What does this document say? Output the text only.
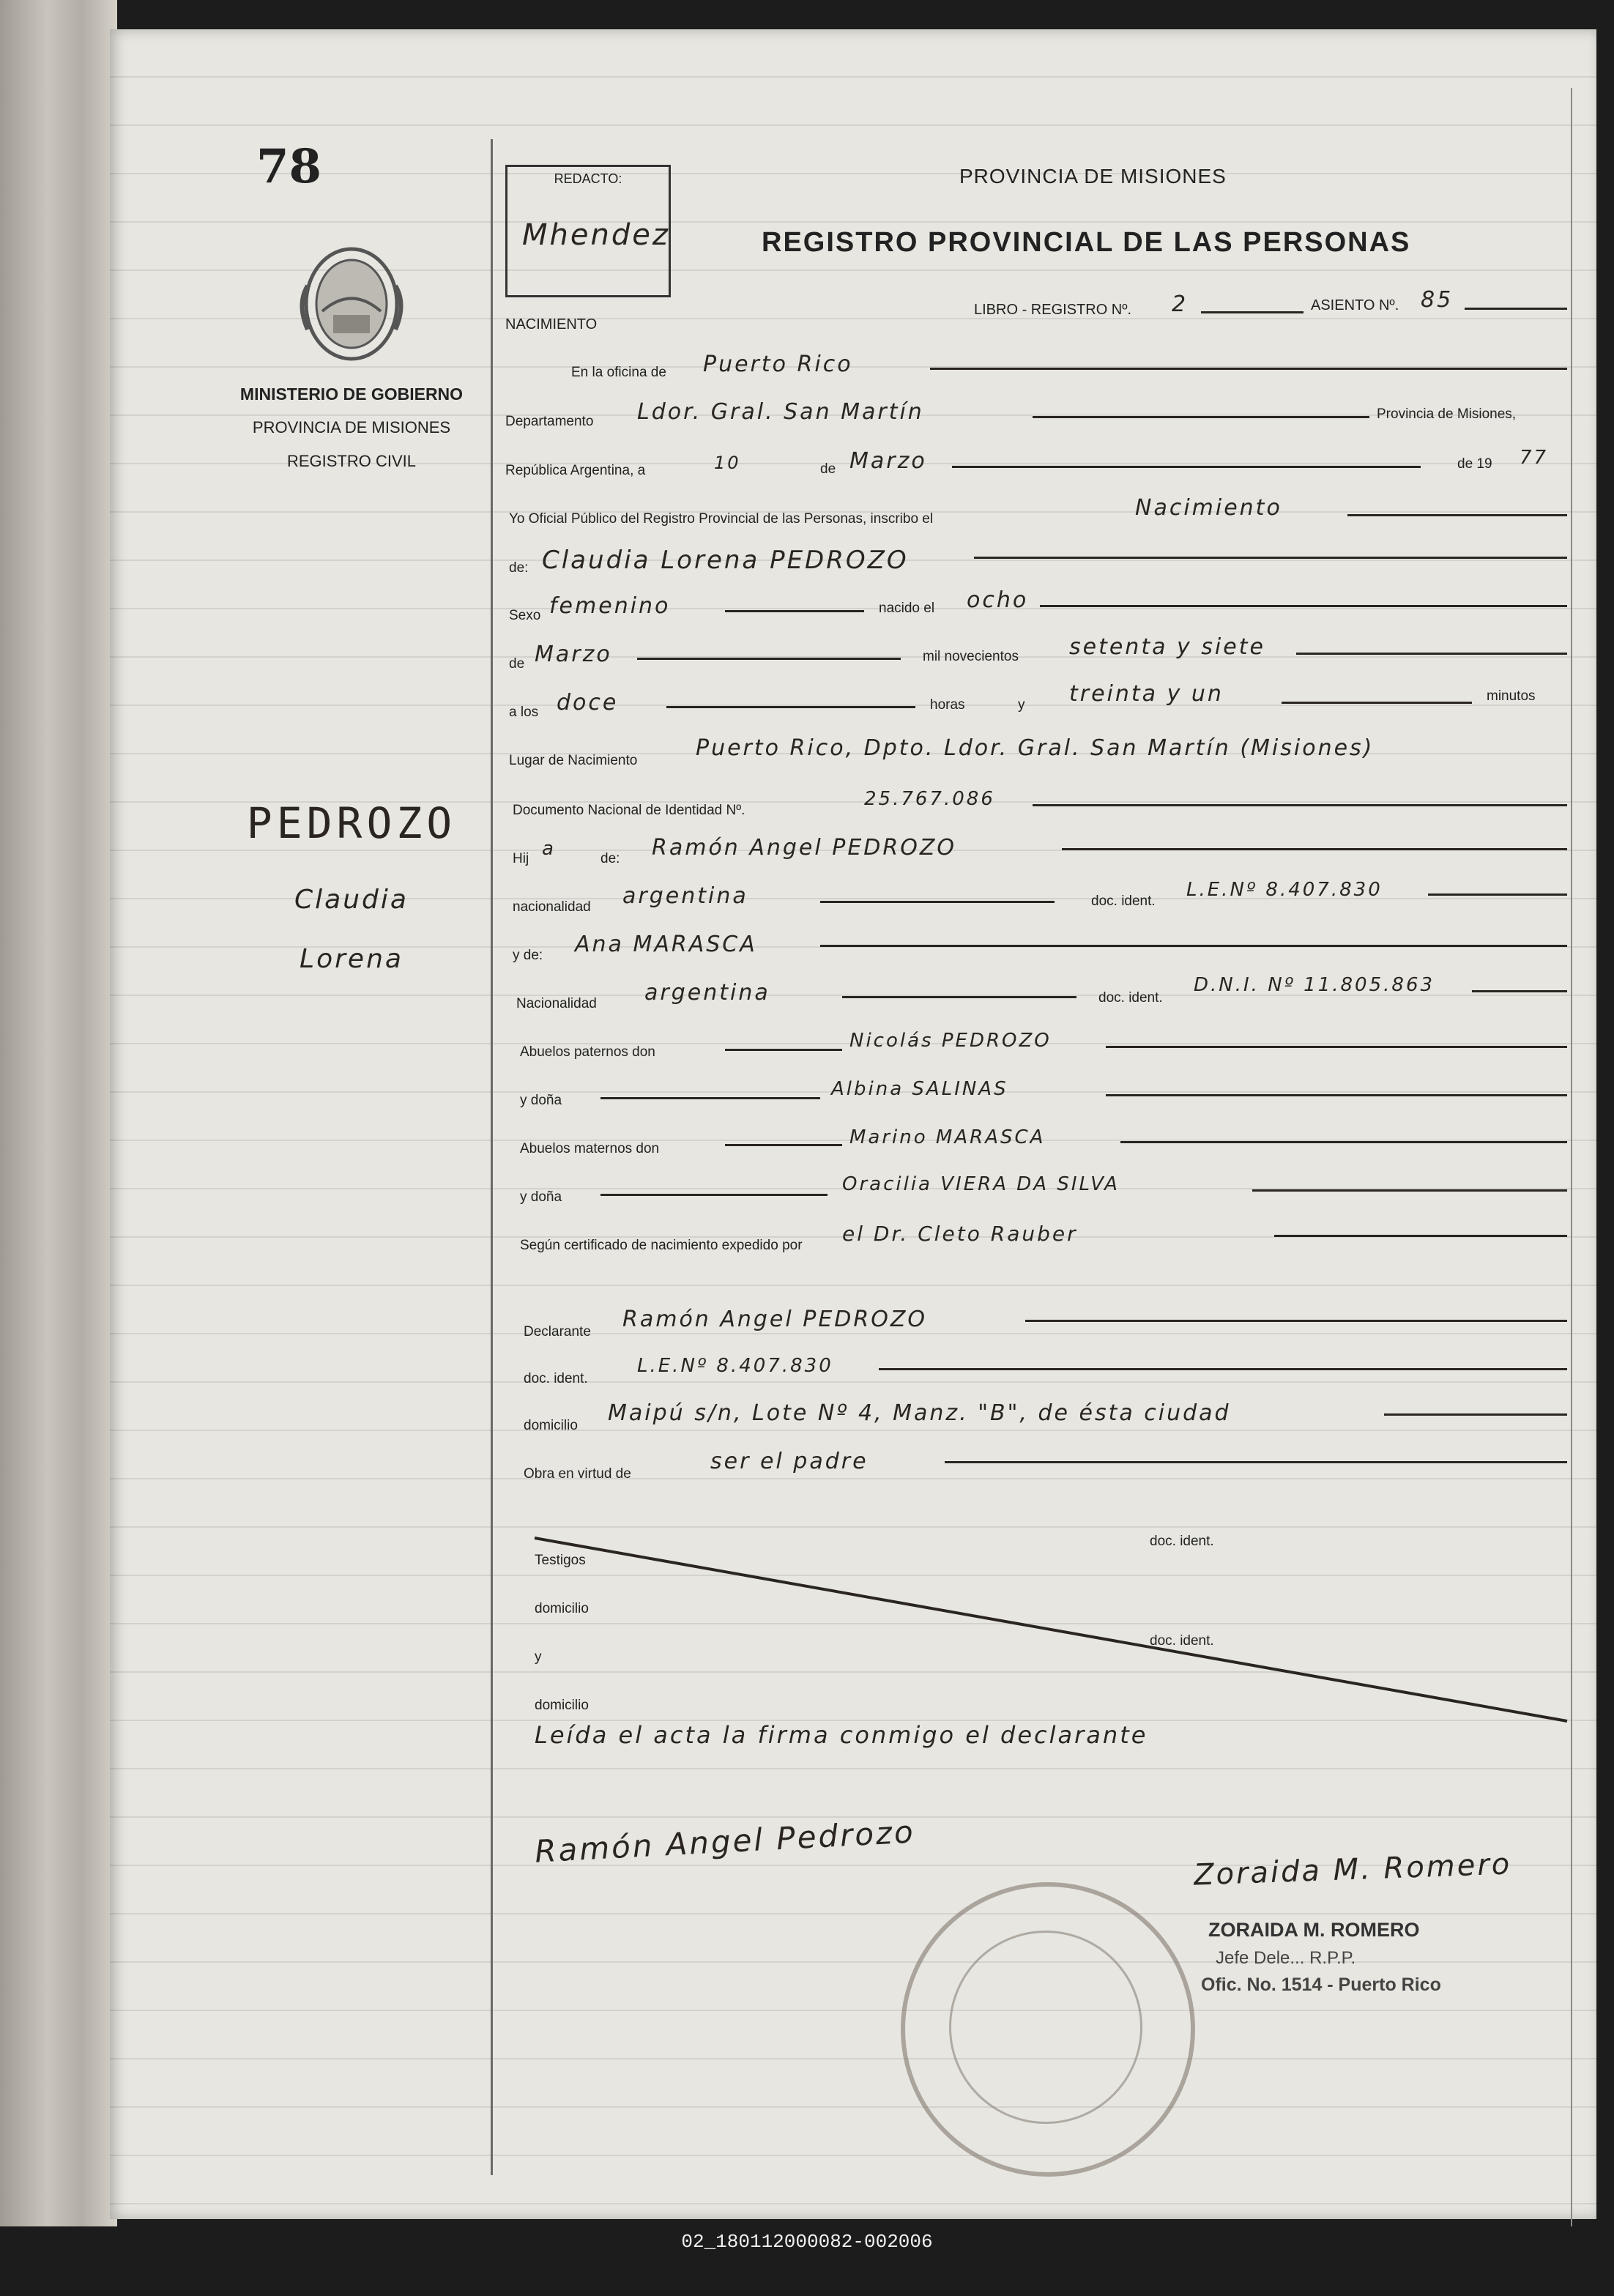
78
MINISTERIO DE GOBIERNO
PROVINCIA DE MISIONES
REGISTRO CIVIL
REDACTO:
Mhendez
PROVINCIA DE MISIONES
REGISTRO PROVINCIAL DE LAS PERSONAS
NACIMIENTO
LIBRO - REGISTRO Nº. 2	ASIENTO Nº. 85
PEDROZO
Claudia
Lorena
En la oficina de Puerto Rico
Departamento Ldor. Gral. San Martín	Provincia de Misiones,
República Argentina, a	10	de Marzo	de 19 77
Yo Oficial Público del Registro Provincial de las Personas, inscribo el	Nacimiento
de: Claudia Lorena PEDROZO
Sexo femenino	nacido el ocho
de Marzo	mil novecientos setenta y siete
a los doce	horas	y treinta y un	minutos
Lugar de Nacimiento	Puerto Rico, Dpto. Ldor. Gral. San Martín (Misiones)
Documento Nacional de Identidad Nº.
25.767.086
Hij a	de: Ramón Angel PEDROZO
nacionalidad argentina	doc. ident.
L.E.Nº 8.407.830
y de: Ana MARASCA
Nacionalidad argentina	doc. ident.
D.N.I. Nº 11.805.863
Abuelos paternos don
Nicolás PEDROZO
y doña
Albina SALINAS
Abuelos maternos don
Marino MARASCA
y doña
Oracilia VIERA DA SILVA
Según certificado de nacimiento expedido por el Dr. Cleto Rauber
Declarante Ramón Angel PEDROZO
doc. ident.
L.E.Nº 8.407.830
domicilio Maipú s/n, Lote Nº 4, Manz. "B", de ésta ciudad
Obra en virtud de	ser el padre
Testigos
doc. ident.
domicilio
y
doc. ident.
domicilio
Leída el acta la firma conmigo el declarante
Ramón Angel Pedrozo
Zoraida M. Romero
ZORAIDA M. ROMERO
Jefe Dele... R.P.P.
Ofic. No. 1514 - Puerto Rico
02_180112000082-002006
